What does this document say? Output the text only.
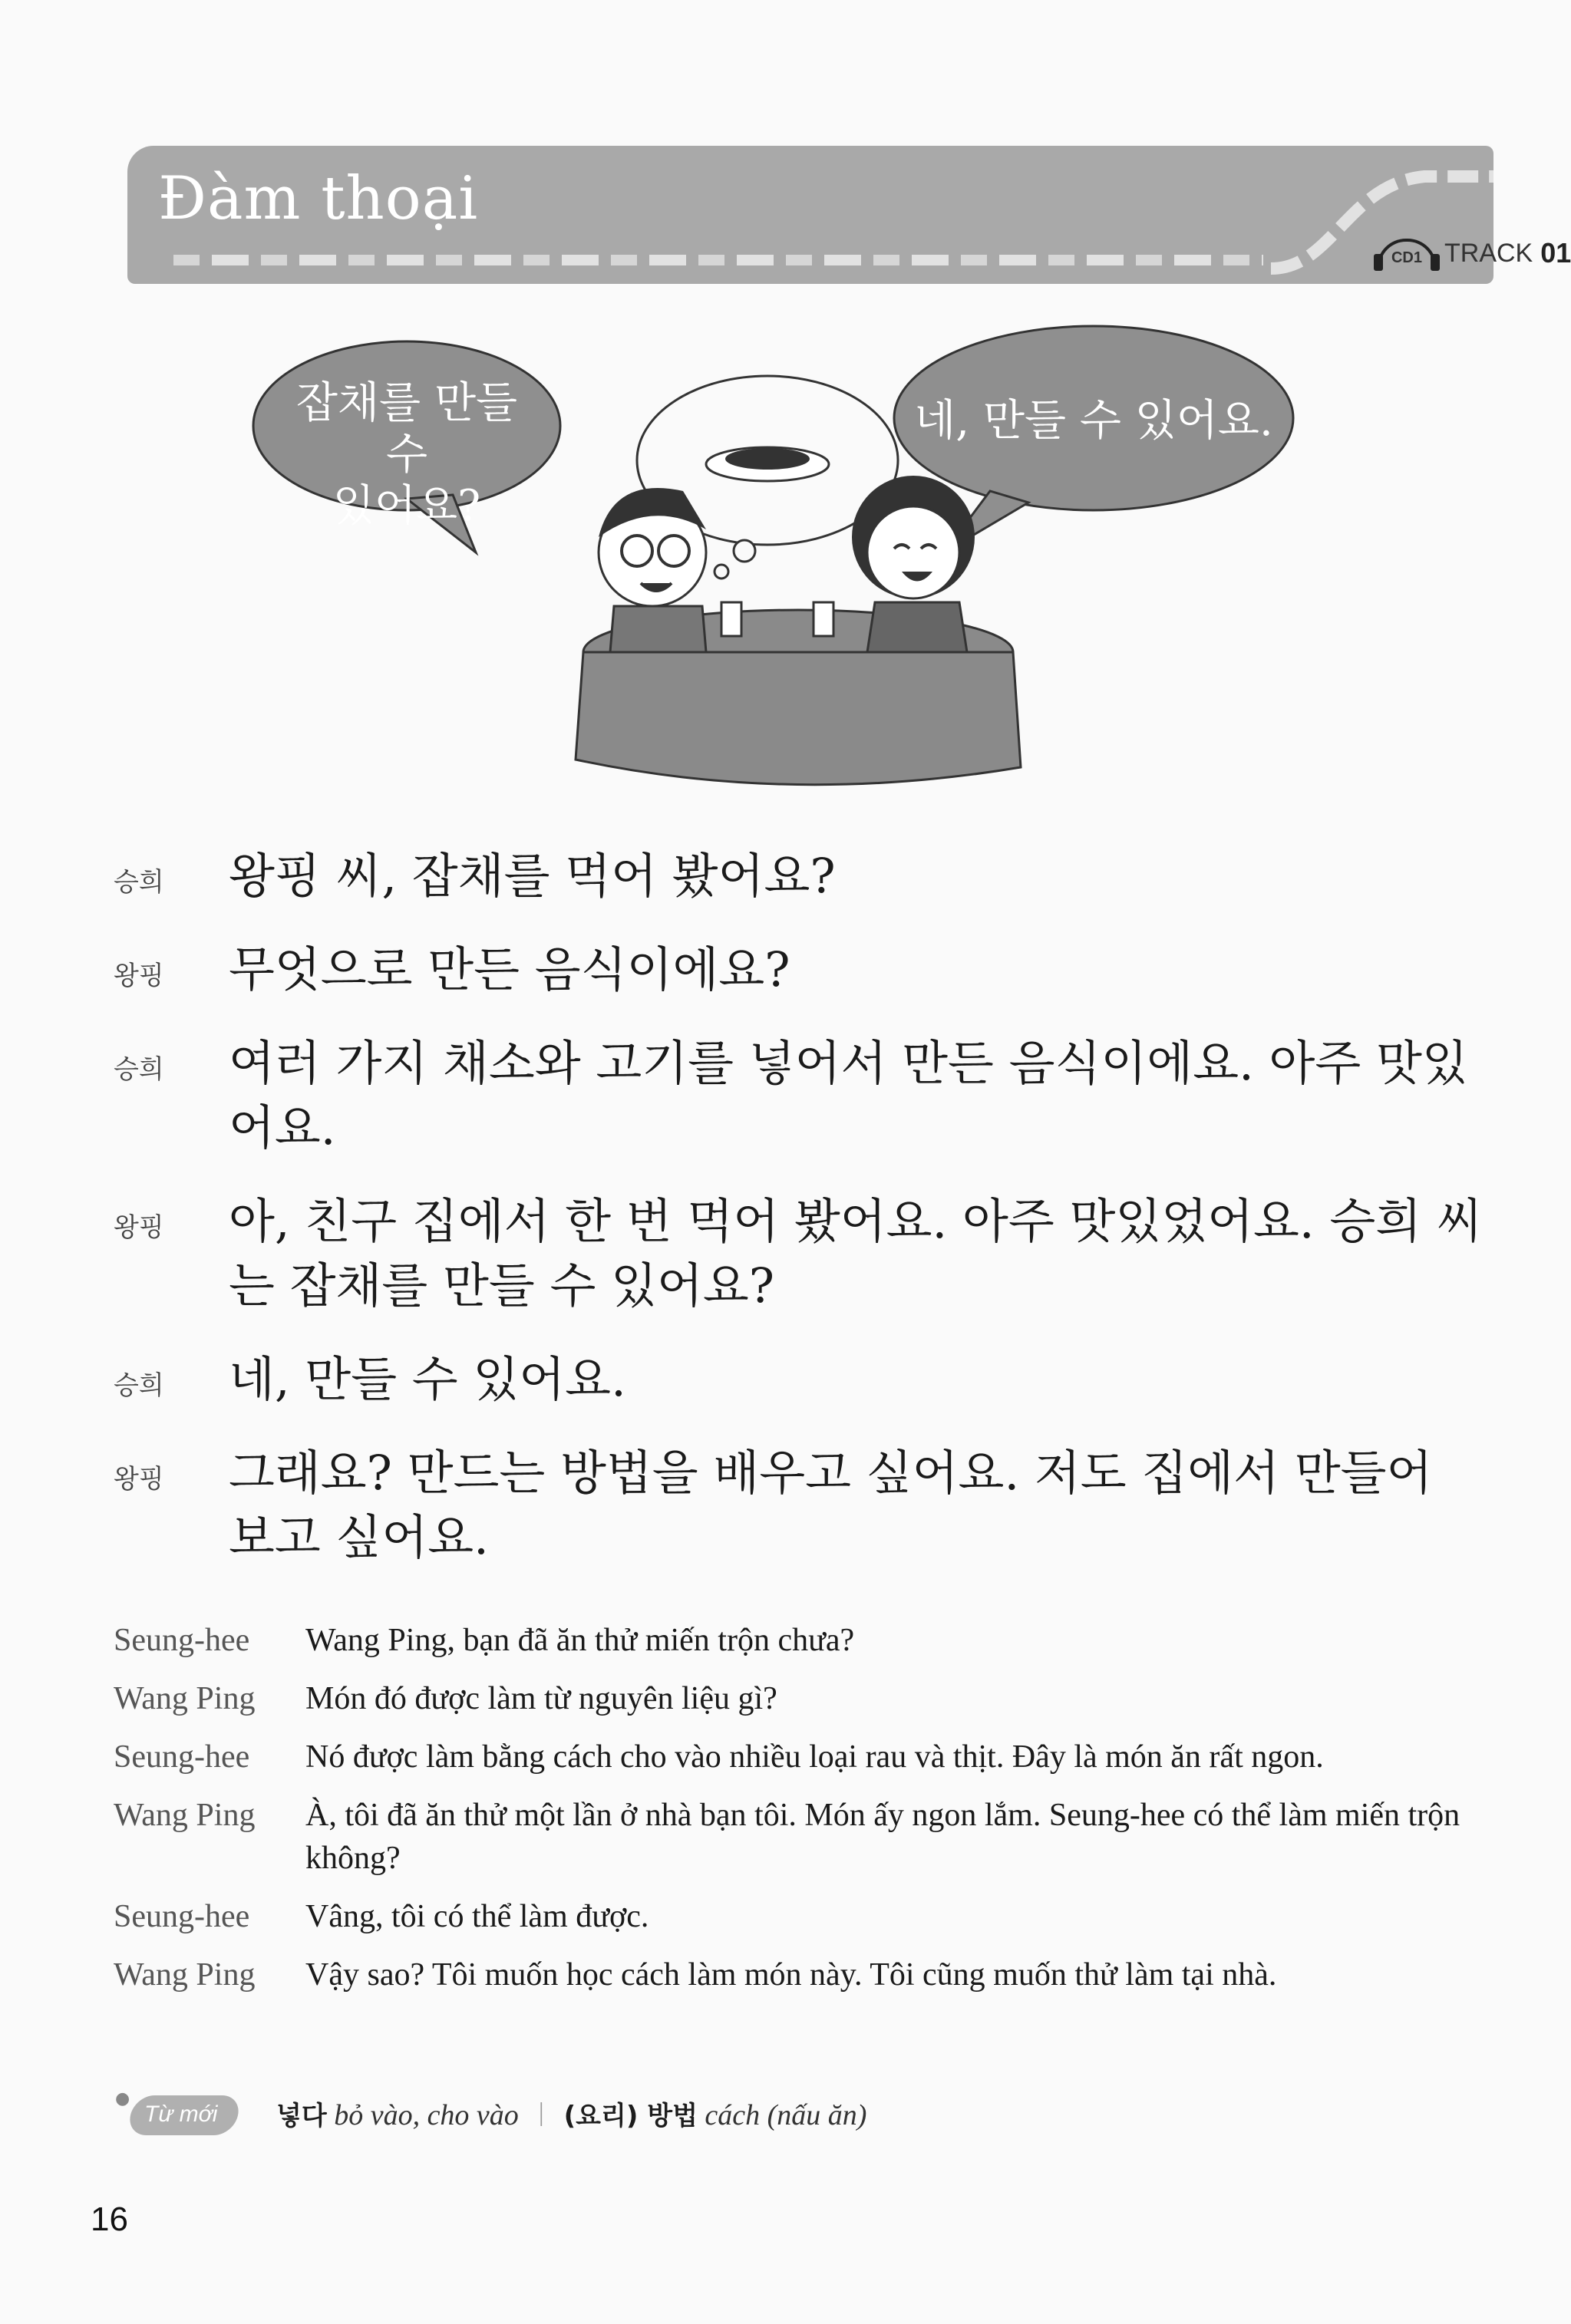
Đàm thoại
CD1 TRACK 01
잡채를 만들 수
있어요?
네, 만들 수 있어요.
승희	왕핑 씨, 잡채를 먹어 봤어요?
왕핑	무엇으로 만든 음식이에요?
승희	여러 가지 채소와 고기를 넣어서 만든 음식이에요. 아주 맛있어요.
왕핑	아, 친구 집에서 한 번 먹어 봤어요. 아주 맛있었어요. 승희 씨는 잡채를 만들 수 있어요?
승희	네, 만들 수 있어요.
왕핑	그래요? 만드는 방법을 배우고 싶어요. 저도 집에서 만들어 보고 싶어요.
Seung-hee	Wang Ping, bạn đã ăn thử miến trộn chưa?
Wang Ping	Món đó được làm từ nguyên liệu gì?
Seung-hee	Nó được làm bằng cách cho vào nhiều loại rau và thịt. Đây là món ăn rất ngon.
Wang Ping	À, tôi đã ăn thử một lần ở nhà bạn tôi. Món ấy ngon lắm. Seung-hee có thể làm miến trộn không?
Seung-hee	Vâng, tôi có thể làm được.
Wang Ping	Vậy sao? Tôi muốn học cách làm món này. Tôi cũng muốn thử làm tại nhà.
●
Từ mới 넣다 bỏ vào, cho vào | (요리) 방법 cách (nấu ăn)
16
